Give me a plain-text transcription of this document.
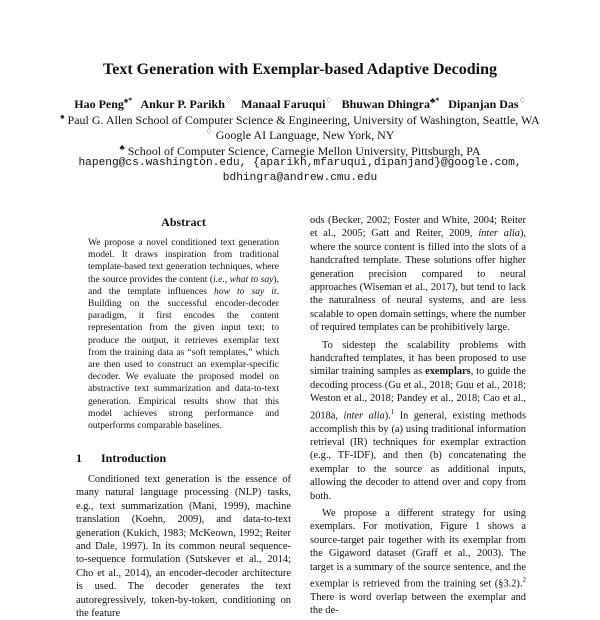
Text Generation with Exemplar-based Adaptive Decoding
Hao Peng♠* Ankur P. Parikh♢ Manaal Faruqui♢ Bhuwan Dhingra♣* Dipanjan Das♢
♠ Paul G. Allen School of Computer Science & Engineering, University of Washington, Seattle, WA
♢ Google AI Language, New York, NY
♣ School of Computer Science, Carnegie Mellon University, Pittsburgh, PA
hapeng@cs.washington.edu, {aparikh,mfaruqui,dipanjand}@google.com,
bdhingra@andrew.cmu.edu
Abstract
We propose a novel conditioned text generation model. It draws inspiration from traditional template-based text generation techniques, where the source provides the content (i.e., what to say), and the template influences how to say it. Building on the successful encoder-decoder paradigm, it first encodes the content representation from the given input text; to produce the output, it retrieves exemplar text from the training data as “soft templates,” which are then used to construct an exemplar-specific decoder. We evaluate the proposed model on abstractive text summarization and data-to-text generation. Empirical results show that this model achieves strong performance and outperforms comparable baselines.
1 Introduction

Conditioned text generation is the essence of many natural language processing (NLP) tasks, e.g., text summarization (Mani, 1999), machine translation (Koehn, 2009), and data-to-text generation (Kukich, 1983; McKeown, 1992; Reiter and Dale, 1997). In its common neural sequence-to-sequence formulation (Sutskever et al., 2014; Cho et al., 2014), an encoder-decoder architecture is used. The decoder generates the text autoregressively, token-by-token, conditioning on the feature

ods (Becker, 2002; Foster and White, 2004; Reiter et al., 2005; Gatt and Reiter, 2009, inter alia), where the source content is filled into the slots of a handcrafted template. These solutions offer higher generation precision compared to neural approaches (Wiseman et al., 2017), but tend to lack the naturalness of neural systems, and are less scalable to open domain settings, where the number of required templates can be prohibitively large.

To sidestep the scalability problems with handcrafted templates, it has been proposed to use similar training samples as exemplars, to guide the decoding process (Gu et al., 2018; Guu et al., 2018; Weston et al., 2018; Pandey et al., 2018; Cao et al., 2018a, inter alia).$^1$ In general, existing methods accomplish this by (a) using traditional information retrieval (IR) techniques for exemplar extraction (e.g., TF-IDF), and then (b) concatenating the exemplar to the source as additional inputs, allowing the decoder to attend over and copy from both.

We propose a different strategy for using exemplars. For motivation, Figure 1 shows a source-target pair together with its exemplar from the Gigaword dataset (Graff et al., 2003). The target is a summary of the source sentence, and the exemplar is retrieved from the training set (§3.2).$^2$ There is word overlap between the exemplar and the de-
